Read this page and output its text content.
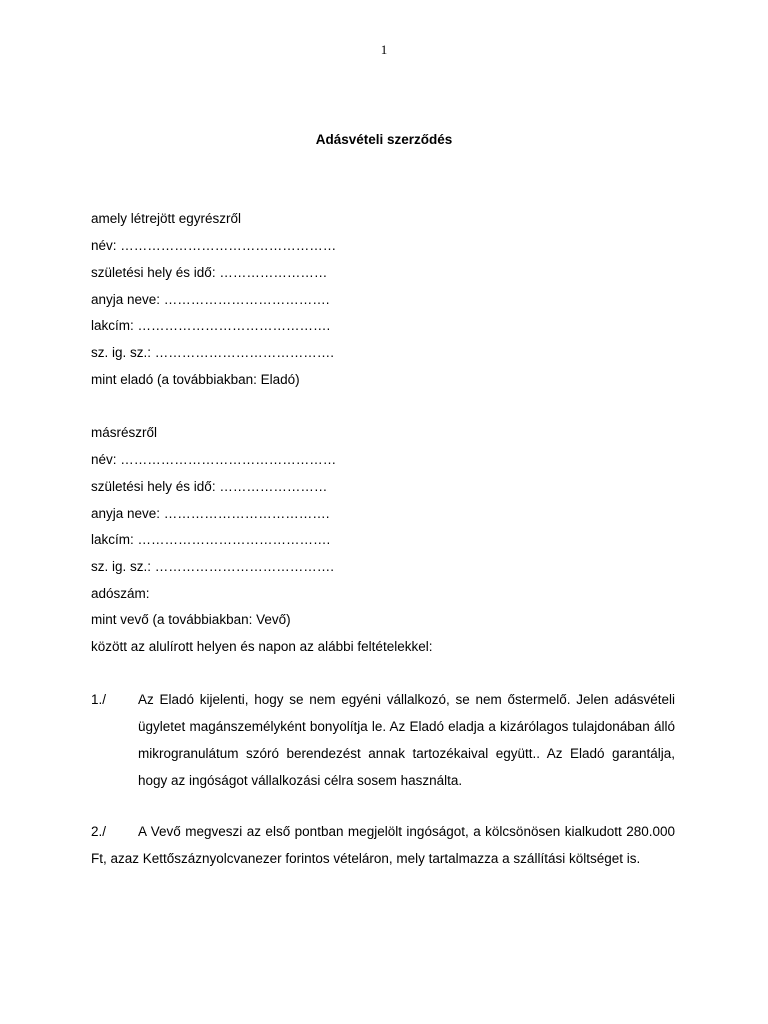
1
Adásvételi szerződés
amely létrejött egyrészről
név: …………………………………………
születési hely és idő: ……………………
anyja neve: ……………………………….
lakcím: …………………………………….
sz. ig. sz.: ………………………………….
mint eladó (a továbbiakban: Eladó)
másrészről
név: …………………………………………
születési hely és idő: ……………………
anyja neve: ……………………………….
lakcím: …………………………………….
sz. ig. sz.: ………………………………….
adószám:
mint vevő (a továbbiakban: Vevő)
között az alulírott helyen és napon az alábbi feltételekkel:
1./ Az Eladó kijelenti, hogy se nem egyéni vállalkozó, se nem őstermelő. Jelen adásvételi ügyletet magánszemélyként bonyolítja le. Az Eladó eladja a kizárólagos tulajdonában álló mikrogranulátum szóró berendezést annak tartozékaival együtt.. Az Eladó garantálja, hogy az ingóságot vállalkozási célra sosem használta.
2./	A Vevő megveszi az első pontban megjelölt ingóságot, a kölcsönösen kialkudott 280.000 Ft, azaz Kettőszáznyolcvanezer forintos vételáron, mely tartalmazza a szállítási költséget is.
